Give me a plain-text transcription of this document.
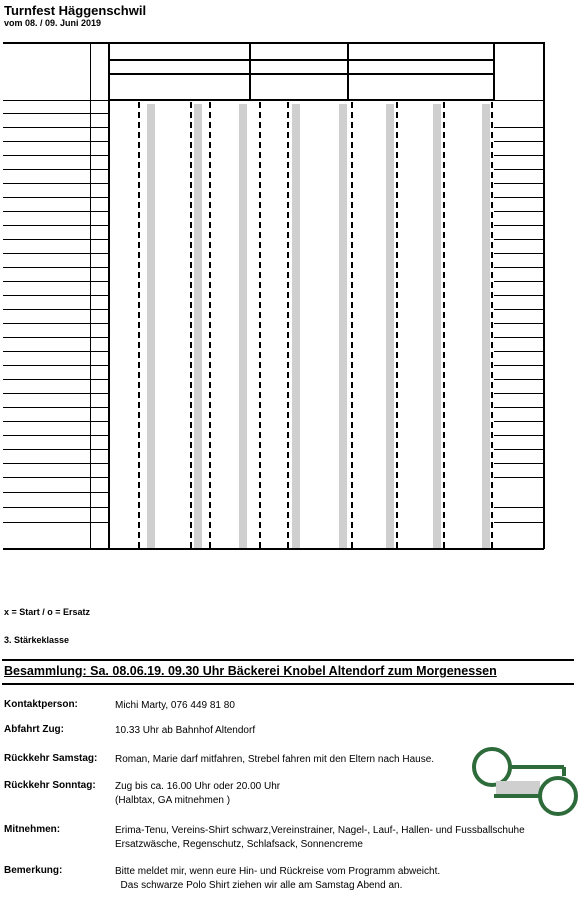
Turnfest Häggenschwil
vom 08. / 09. Juni 2019
x = Start / o = Ersatz
3. Stärkeklasse
Besammlung: Sa. 08.06.19. 09.30 Uhr Bäckerei Knobel Altendorf zum Morgenessen
Kontaktperson:	Michi Marty, 076 449 81 80
Abfahrt Zug:	10.33 Uhr ab Bahnhof Altendorf
Rückkehr Samstag: Roman, Marie darf mitfahren, Strebel fahren mit den Eltern nach Hause.
Rückkehr Sonntag: Zug bis ca. 16.00 Uhr oder 20.00 Uhr
(Halbtax, GA mitnehmen )
Mitnehmen:	Erima-Tenu, Vereins-Shirt schwarz,Vereinstrainer, Nagel-, Lauf-, Hallen- und Fussballschuhe
Ersatzwäsche, Regenschutz, Schlafsack, Sonnencreme
Bemerkung:	Bitte meldet mir, wenn eure Hin- und Rückreise vom Programm abweicht.
Das schwarze Polo Shirt ziehen wir alle am Samstag Abend an.
